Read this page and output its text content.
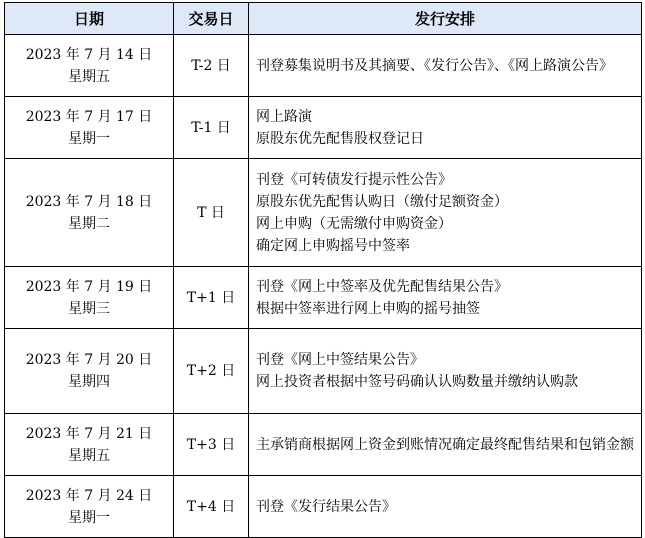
日期	交易日	发行安排

2023 年 7 月 14 日
星期五	T-2 日	刊登募集说明书及其摘要、《发行公告》、《网上路演公告》

2023 年 7 月 17 日
星期一	T-1 日	网上路演
原股东优先配售股权登记日

2023 年 7 月 18 日
星期二	T 日	刊登《可转债发行提示性公告》
原股东优先配售认购日（缴付足额资金）
网上申购（无需缴付申购资金）
确定网上申购摇号中签率

2023 年 7 月 19 日
星期三	T+1 日	刊登《网上中签率及优先配售结果公告》
根据中签率进行网上申购的摇号抽签

2023 年 7 月 20 日
星期四	T+2 日	刊登《网上中签结果公告》
网上投资者根据中签号码确认认购数量并缴纳认购款

2023 年 7 月 21 日
星期五	T+3 日	主承销商根据网上资金到账情况确定最终配售结果和包销金额

2023 年 7 月 24 日
星期一	T+4 日	刊登《发行结果公告》
